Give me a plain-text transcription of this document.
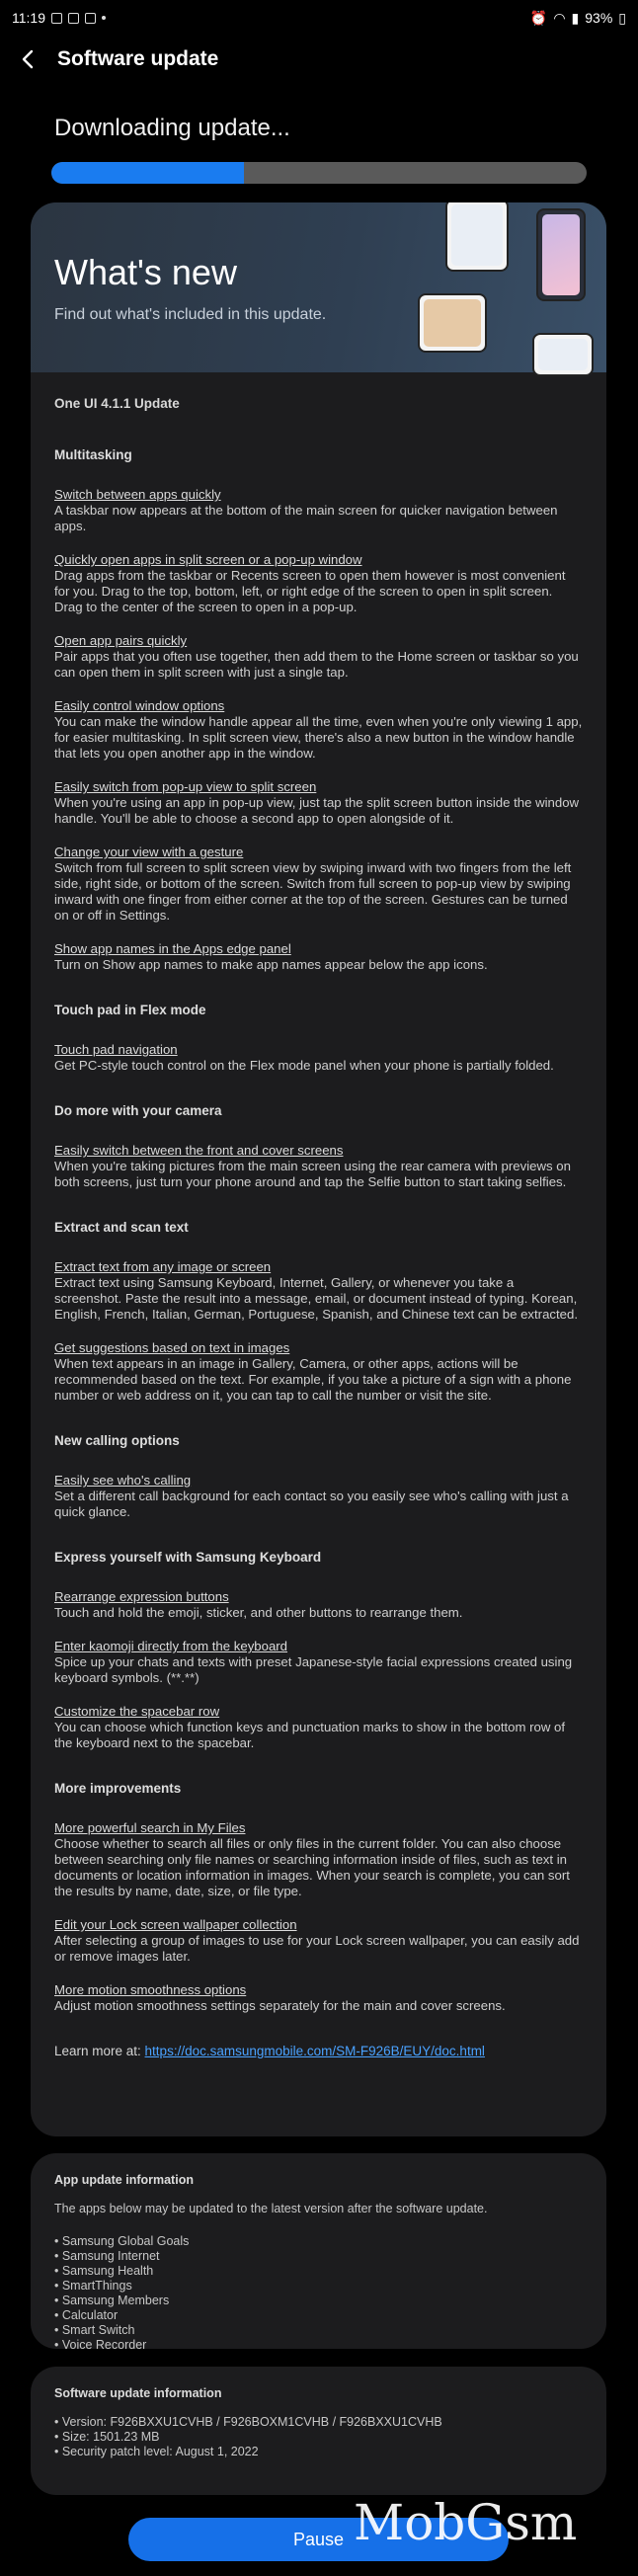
11:19	⏰ ◠ ▮ 93% ▯
Software update
Downloading update...
What's new
Find out what's included in this update.
One UI 4.1.1 Update
Multitasking
Switch between apps quickly
A taskbar now appears at the bottom of the main screen for quicker navigation between apps.
Quickly open apps in split screen or a pop-up window
Drag apps from the taskbar or Recents screen to open them however is most convenient for you. Drag to the top, bottom, left, or right edge of the screen to open in split screen. Drag to the center of the screen to open in a pop-up.
Open app pairs quickly
Pair apps that you often use together, then add them to the Home screen or taskbar so you can open them in split screen with just a single tap.
Easily control window options
You can make the window handle appear all the time, even when you're only viewing 1 app, for easier multitasking. In split screen view, there's also a new button in the window handle that lets you open another app in the window.
Easily switch from pop-up view to split screen
When you're using an app in pop-up view, just tap the split screen button inside the window handle. You'll be able to choose a second app to open alongside of it.
Change your view with a gesture
Switch from full screen to split screen view by swiping inward with two fingers from the left side, right side, or bottom of the screen. Switch from full screen to pop-up view by swiping inward with one finger from either corner at the top of the screen. Gestures can be turned on or off in Settings.
Show app names in the Apps edge panel
Turn on Show app names to make app names appear below the app icons.
Touch pad in Flex mode
Touch pad navigation
Get PC-style touch control on the Flex mode panel when your phone is partially folded.
Do more with your camera
Easily switch between the front and cover screens
When you're taking pictures from the main screen using the rear camera with previews on both screens, just turn your phone around and tap the Selfie button to start taking selfies.
Extract and scan text
Extract text from any image or screen
Extract text using Samsung Keyboard, Internet, Gallery, or whenever you take a screenshot. Paste the result into a message, email, or document instead of typing. Korean, English, French, Italian, German, Portuguese, Spanish, and Chinese text can be extracted.
Get suggestions based on text in images
When text appears in an image in Gallery, Camera, or other apps, actions will be recommended based on the text. For example, if you take a picture of a sign with a phone number or web address on it, you can tap to call the number or visit the site.
New calling options
Easily see who's calling
Set a different call background for each contact so you easily see who's calling with just a quick glance.
Express yourself with Samsung Keyboard
Rearrange expression buttons
Touch and hold the emoji, sticker, and other buttons to rearrange them.
Enter kaomoji directly from the keyboard
Spice up your chats and texts with preset Japanese-style facial expressions created using keyboard symbols. (**.**)
Customize the spacebar row
You can choose which function keys and punctuation marks to show in the bottom row of the keyboard next to the spacebar.
More improvements
More powerful search in My Files
Choose whether to search all files or only files in the current folder. You can also choose between searching only file names or searching information inside of files, such as text in documents or location information in images. When your search is complete, you can sort the results by name, date, size, or file type.
Edit your Lock screen wallpaper collection
After selecting a group of images to use for your Lock screen wallpaper, you can easily add or remove images later.
More motion smoothness options
Adjust motion smoothness settings separately for the main and cover screens.
Learn more at: https://doc.samsungmobile.com/SM-F926B/EUY/doc.html
App update information
The apps below may be updated to the latest version after the software update.
• Samsung Global Goals
• Samsung Internet
• Samsung Health
• SmartThings
• Samsung Members
• Calculator
• Smart Switch
• Voice Recorder
Software update information
• Version: F926BXXU1CVHB / F926BOXM1CVHB / F926BXXU1CVHB
• Size: 1501.23 MB
• Security patch level: August 1, 2022
Pause MobGsm
